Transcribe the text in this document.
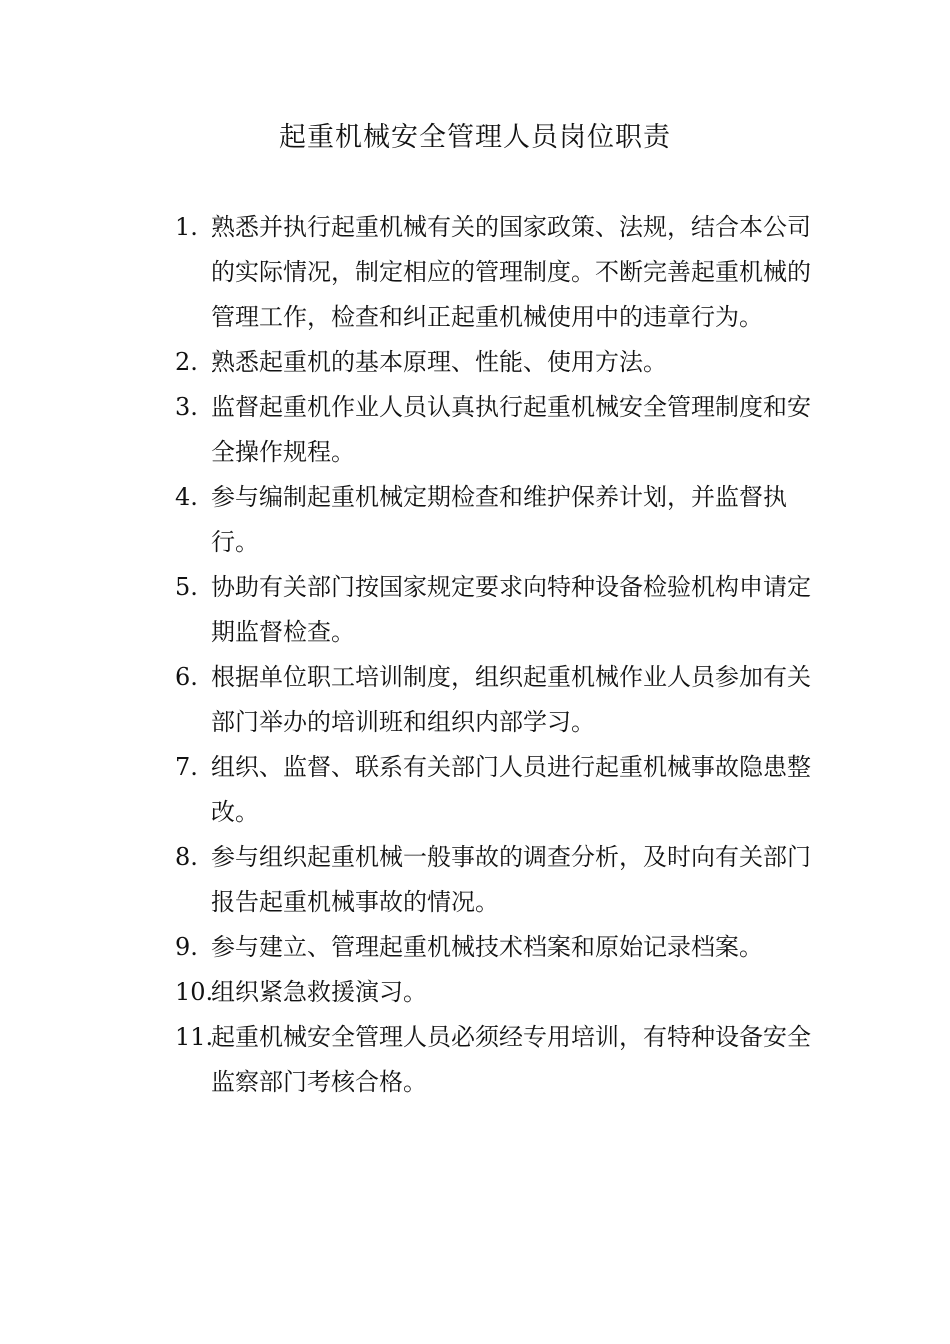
起重机械安全管理人员岗位职责
1. 熟悉并执行起重机械有关的国家政策、法规，结合本公司的实际情况，制定相应的管理制度。不断完善起重机械的管理工作，检查和纠正起重机械使用中的违章行为。
2. 熟悉起重机的基本原理、性能、使用方法。
3. 监督起重机作业人员认真执行起重机械安全管理制度和安全操作规程。
4. 参与编制起重机械定期检查和维护保养计划，并监督执行。
5. 协助有关部门按国家规定要求向特种设备检验机构申请定期监督检查。
6. 根据单位职工培训制度，组织起重机械作业人员参加有关部门举办的培训班和组织内部学习。
7. 组织、监督、联系有关部门人员进行起重机械事故隐患整改。
8. 参与组织起重机械一般事故的调查分析，及时向有关部门报告起重机械事故的情况。
9. 参与建立、管理起重机械技术档案和原始记录档案。
10.
组织紧急救援演习。
11.
起重机械安全管理人员必须经专用培训，有特种设备安全监察部门考核合格。
